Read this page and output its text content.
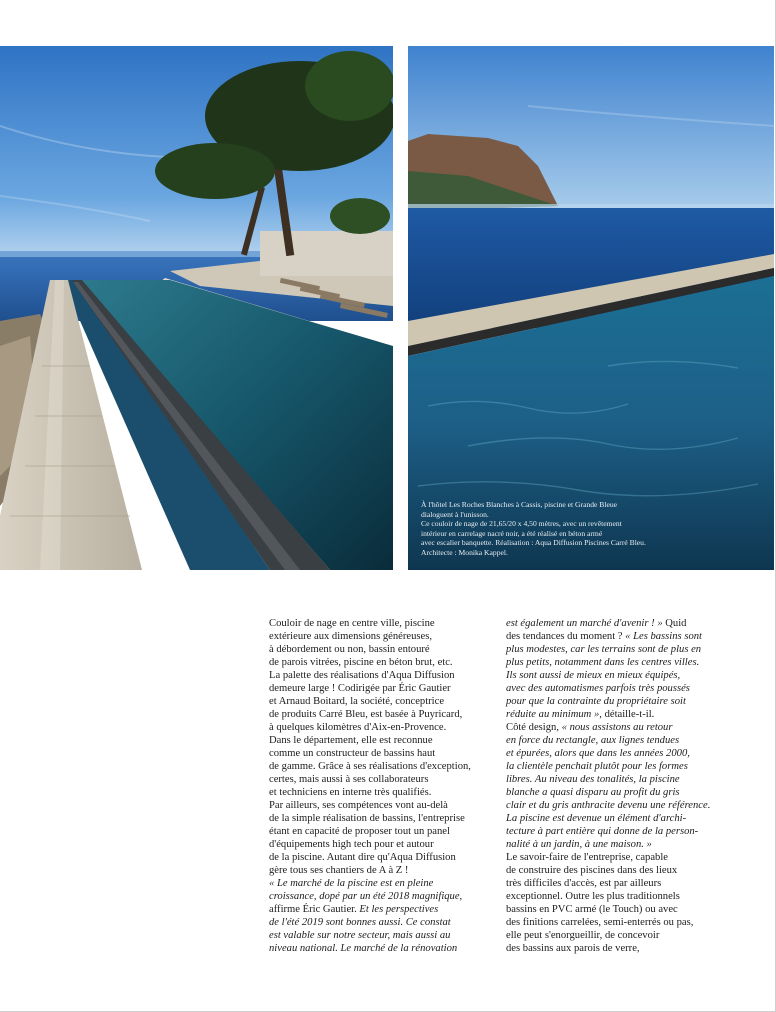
À l'hôtel Les Roches Blanches à Cassis, piscine et Grande Bleue
dialoguent à l'unisson.
Ce couloir de nage de 21,65/20 x 4,50 mètres, avec un revêtement
intérieur en carrelage nacré noir, a été réalisé en béton armé
avec escalier banquette. Réalisation : Aqua Diffusion Piscines Carré Bleu.
Architecte : Monika Kappel.
Couloir de nage en centre ville, piscine
extérieure aux dimensions généreuses,
à débordement ou non, bassin entouré
de parois vitrées, piscine en béton brut, etc.
La palette des réalisations d'Aqua Diffusion
demeure large ! Codirigée par Éric Gautier
et Arnaud Boitard, la société, conceptrice
de produits Carré Bleu, est basée à Puyricard,
à quelques kilomètres d'Aix-en-Provence.
Dans le département, elle est reconnue
comme un constructeur de bassins haut
de gamme. Grâce à ses réalisations d'exception,
certes, mais aussi à ses collaborateurs
et techniciens en interne très qualifiés.
Par ailleurs, ses compétences vont au-delà
de la simple réalisation de bassins, l'entreprise
étant en capacité de proposer tout un panel
d'équipements high tech pour et autour
de la piscine. Autant dire qu'Aqua Diffusion
gère tous ses chantiers de A à Z !
« Le marché de la piscine est en pleine
croissance, dopé par un été 2018 magnifique,
affirme Éric Gautier. Et les perspectives
de l'été 2019 sont bonnes aussi. Ce constat
est valable sur notre secteur, mais aussi au
niveau national. Le marché de la rénovation
est également un marché d'avenir ! » Quid
des tendances du moment ? « Les bassins sont
plus modestes, car les terrains sont de plus en
plus petits, notamment dans les centres villes.
Ils sont aussi de mieux en mieux équipés,
avec des automatismes parfois très poussés
pour que la contrainte du propriétaire soit
réduite au minimum », détaille-t-il.
Côté design, « nous assistons au retour
en force du rectangle, aux lignes tendues
et épurées, alors que dans les années 2000,
la clientèle penchait plutôt pour les formes
libres. Au niveau des tonalités, la piscine
blanche a quasi disparu au profit du gris
clair et du gris anthracite devenu une référence.
La piscine est devenue un élément d'archi-
tecture à part entière qui donne de la person-
nalité à un jardin, à une maison. »
Le savoir-faire de l'entreprise, capable
de construire des piscines dans des lieux
très difficiles d'accès, est par ailleurs
exceptionnel. Outre les plus traditionnels
bassins en PVC armé (le Touch) ou avec
des finitions carrelées, semi-enterrés ou pas,
elle peut s'enorgueillir, de concevoir
des bassins aux parois de verre,
